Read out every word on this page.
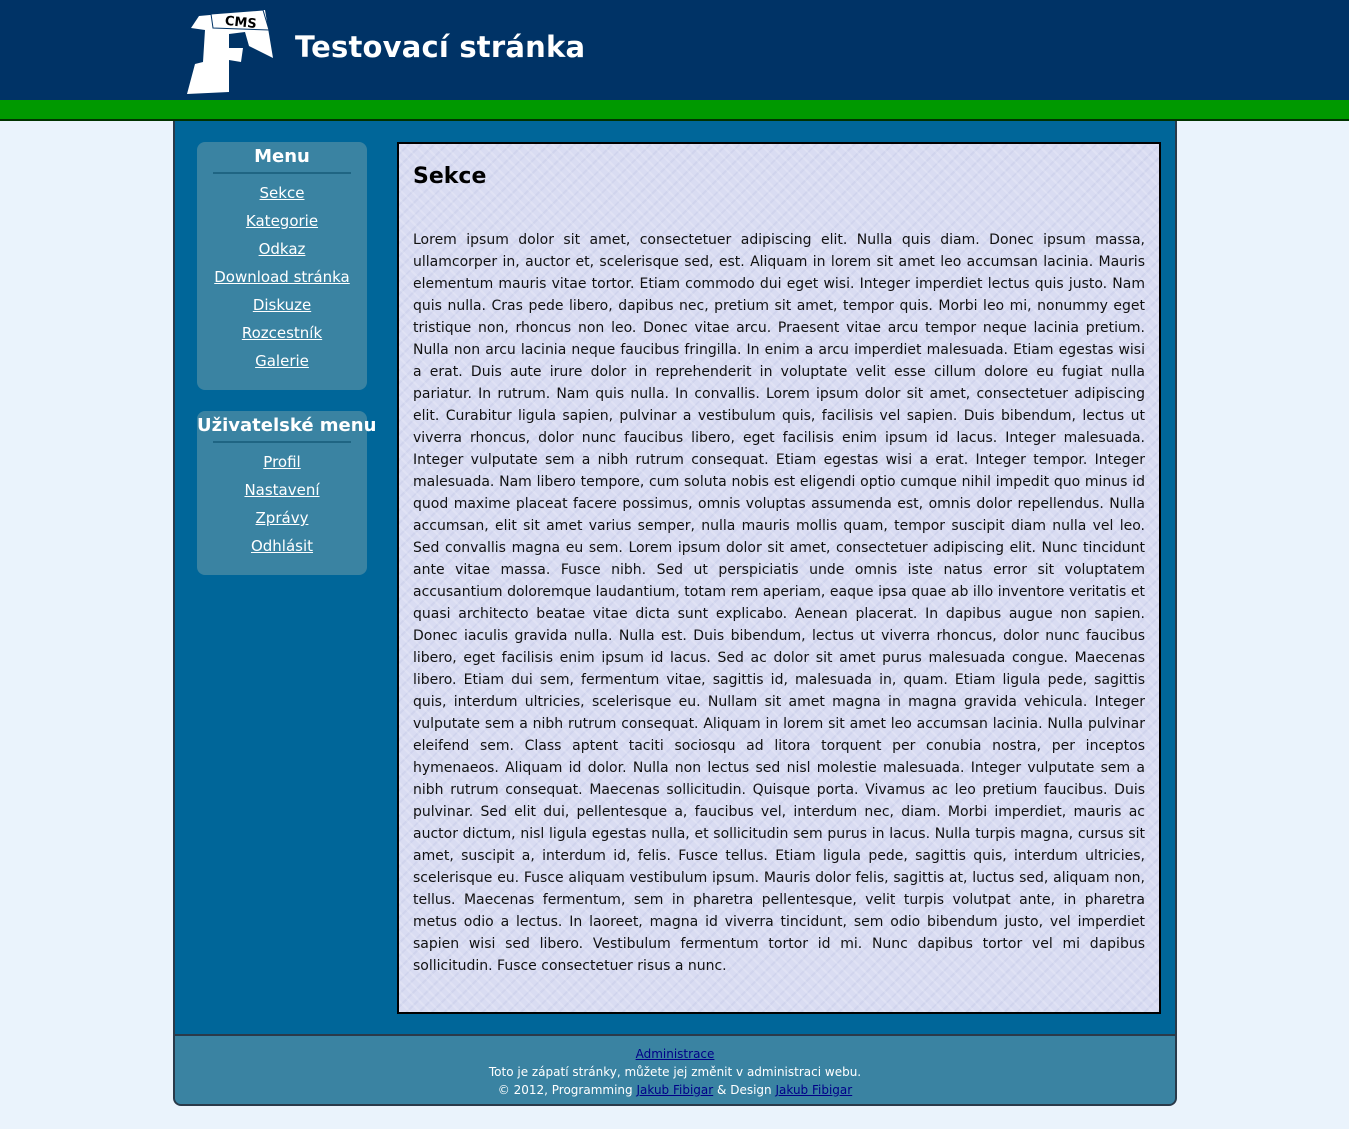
CMS
Testovací stránka
Menu
Sekce
Kategorie
Odkaz
Download stránka
Diskuze
Rozcestník
Galerie
Uživatelské menu
Profil
Nastavení
Zprávy
Odhlásit
Sekce

Lorem ipsum dolor sit amet, consectetuer adipiscing elit. Nulla quis diam. Donec ipsum massa, ullamcorper in, auctor et, scelerisque sed, est. Aliquam in lorem sit amet leo accumsan lacinia. Mauris elementum mauris vitae tortor. Etiam commodo dui eget wisi. Integer imperdiet lectus quis justo. Nam quis nulla. Cras pede libero, dapibus nec, pretium sit amet, tempor quis. Morbi leo mi, nonummy eget tristique non, rhoncus non leo. Donec vitae arcu. Praesent vitae arcu tempor neque lacinia pretium. Nulla non arcu lacinia neque faucibus fringilla. In enim a arcu imperdiet malesuada. Etiam egestas wisi a erat. Duis aute irure dolor in reprehenderit in voluptate velit esse cillum dolore eu fugiat nulla pariatur. In rutrum. Nam quis nulla. In convallis. Lorem ipsum dolor sit amet, consectetuer adipiscing elit. Curabitur ligula sapien, pulvinar a vestibulum quis, facilisis vel sapien. Duis bibendum, lectus ut viverra rhoncus, dolor nunc faucibus libero, eget facilisis enim ipsum id lacus. Integer malesuada. Integer vulputate sem a nibh rutrum consequat. Etiam egestas wisi a erat. Integer tempor. Integer malesuada. Nam libero tempore, cum soluta nobis est eligendi optio cumque nihil impedit quo minus id quod maxime placeat facere possimus, omnis voluptas assumenda est, omnis dolor repellendus. Nulla accumsan, elit sit amet varius semper, nulla mauris mollis quam, tempor suscipit diam nulla vel leo. Sed convallis magna eu sem. Lorem ipsum dolor sit amet, consectetuer adipiscing elit. Nunc tincidunt ante vitae massa. Fusce nibh. Sed ut perspiciatis unde omnis iste natus error sit voluptatem accusantium doloremque laudantium, totam rem aperiam, eaque ipsa quae ab illo inventore veritatis et quasi architecto beatae vitae dicta sunt explicabo. Aenean placerat. In dapibus augue non sapien. Donec iaculis gravida nulla. Nulla est. Duis bibendum, lectus ut viverra rhoncus, dolor nunc faucibus libero, eget facilisis enim ipsum id lacus. Sed ac dolor sit amet purus malesuada congue. Maecenas libero. Etiam dui sem, fermentum vitae, sagittis id, malesuada in, quam. Etiam ligula pede, sagittis quis, interdum ultricies, scelerisque eu. Nullam sit amet magna in magna gravida vehicula. Integer vulputate sem a nibh rutrum consequat. Aliquam in lorem sit amet leo accumsan lacinia. Nulla pulvinar eleifend sem. Class aptent taciti sociosqu ad litora torquent per conubia nostra, per inceptos hymenaeos. Aliquam id dolor. Nulla non lectus sed nisl molestie malesuada. Integer vulputate sem a nibh rutrum consequat. Maecenas sollicitudin. Quisque porta. Vivamus ac leo pretium faucibus. Duis pulvinar. Sed elit dui, pellentesque a, faucibus vel, interdum nec, diam. Morbi imperdiet, mauris ac auctor dictum, nisl ligula egestas nulla, et sollicitudin sem purus in lacus. Nulla turpis magna, cursus sit amet, suscipit a, interdum id, felis. Fusce tellus. Etiam ligula pede, sagittis quis, interdum ultricies, scelerisque eu. Fusce aliquam vestibulum ipsum. Mauris dolor felis, sagittis at, luctus sed, aliquam non, tellus. Maecenas fermentum, sem in pharetra pellentesque, velit turpis volutpat ante, in pharetra metus odio a lectus. In laoreet, magna id viverra tincidunt, sem odio bibendum justo, vel imperdiet sapien wisi sed libero. Vestibulum fermentum tortor id mi. Nunc dapibus tortor vel mi dapibus sollicitudin. Fusce consectetuer risus a nunc.

Administrace
Toto je zápatí stránky, můžete jej změnit v administraci webu.
© 2012, Programming Jakub Fibigar & Design Jakub Fibigar
